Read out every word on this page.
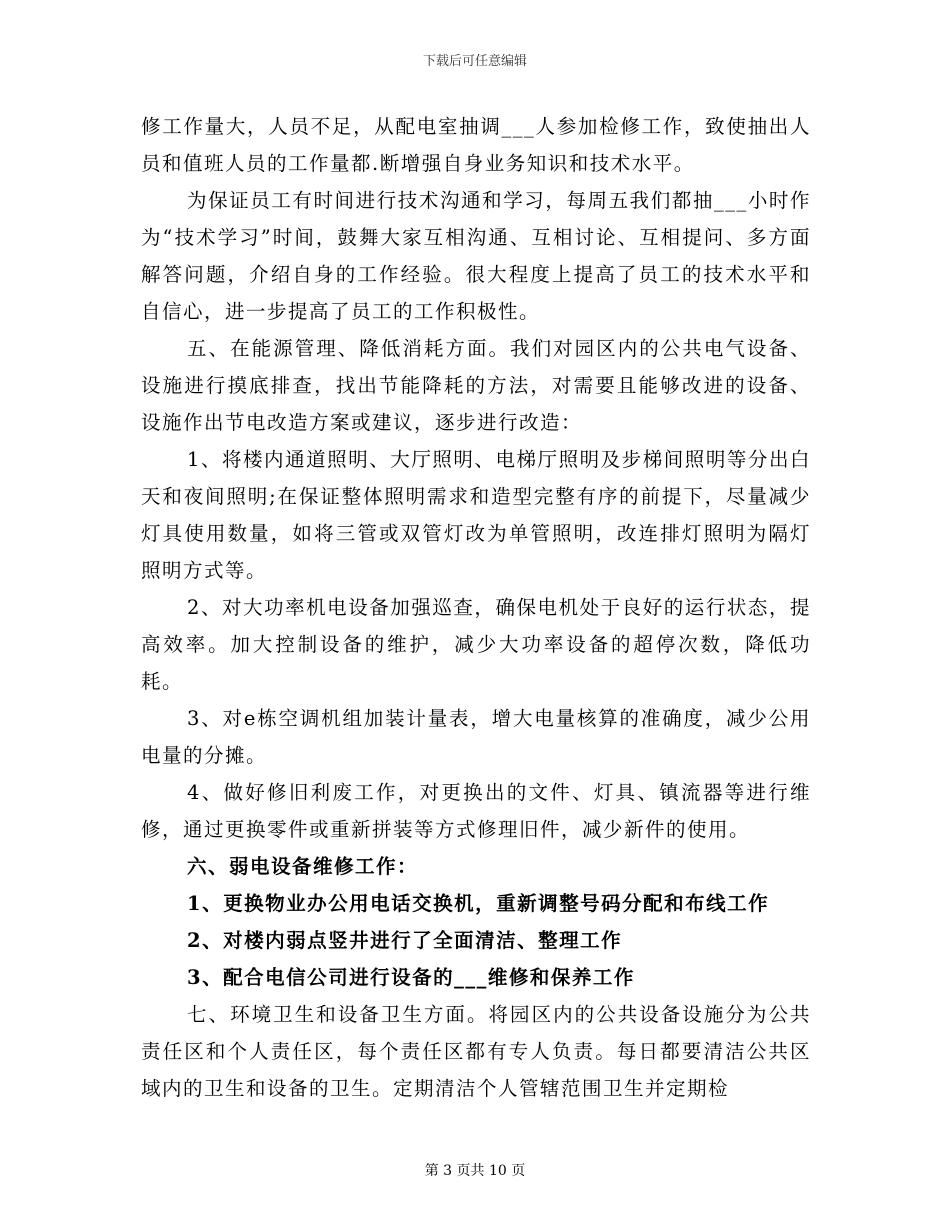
下载后可任意编辑

修工作量大，人员不足，从配电室抽调___人参加检修工作，致使抽出人员和值班人员的工作量都.断增强自身业务知识和技术水平。

为保证员工有时间进行技术沟通和学习，每周五我们都抽___小时作为“技术学习”时间，鼓舞大家互相沟通、互相讨论、互相提问、多方面解答问题，介绍自身的工作经验。很大程度上提高了员工的技术水平和自信心，进一步提高了员工的工作积极性。

五、在能源管理、降低消耗方面。我们对园区内的公共电气设备、设施进行摸底排查，找出节能降耗的方法，对需要且能够改进的设备、设施作出节电改造方案或建议，逐步进行改造：

1、将楼内通道照明、大厅照明、电梯厅照明及步梯间照明等分出白天和夜间照明;在保证整体照明需求和造型完整有序的前提下，尽量减少灯具使用数量，如将三管或双管灯改为单管照明，改连排灯照明为隔灯照明方式等。

2、对大功率机电设备加强巡查，确保电机处于良好的运行状态，提高效率。加大控制设备的维护，减少大功率设备的超停次数，降低功耗。

3、对e栋空调机组加装计量表，增大电量核算的准确度，减少公用电量的分摊。

4、做好修旧利废工作，对更换出的文件、灯具、镇流器等进行维修，通过更换零件或重新拼装等方式修理旧件，减少新件的使用。

六、弱电设备维修工作：

1、更换物业办公用电话交换机，重新调整号码分配和布线工作

2、对楼内弱点竖井进行了全面清洁、整理工作

3、配合电信公司进行设备的___维修和保养工作

七、环境卫生和设备卫生方面。将园区内的公共设备设施分为公共责任区和个人责任区，每个责任区都有专人负责。每日都要清洁公共区域内的卫生和设备的卫生。定期清洁个人管辖范围卫生并定期检

第 3 页共 10 页
